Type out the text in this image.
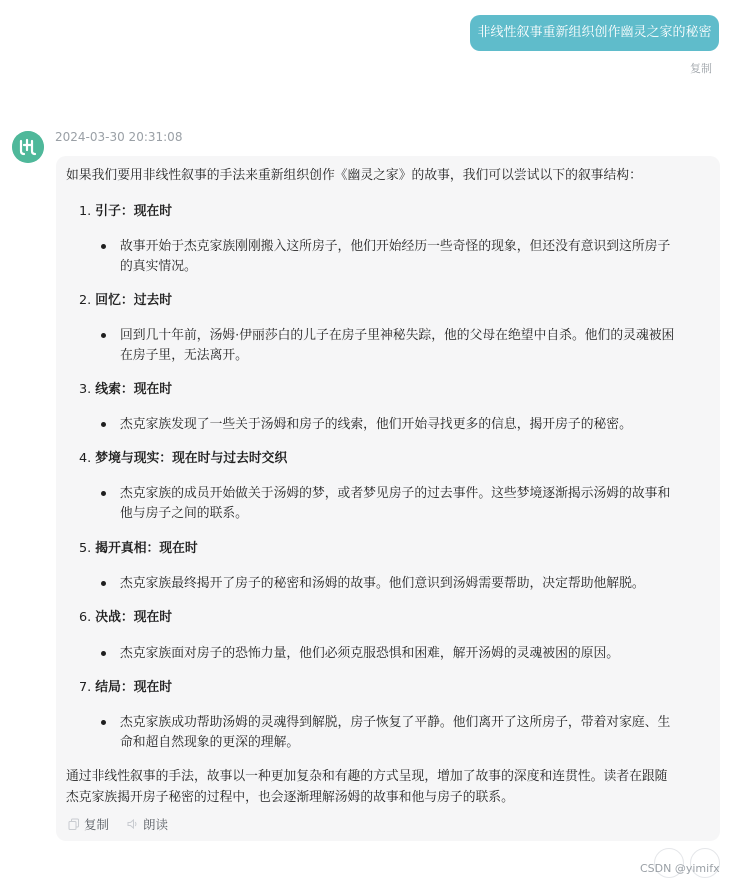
非线性叙事重新组织创作幽灵之家的秘密
复制
2024-03-30 20:31:08
如果我们要用非线性叙事的手法来重新组织创作《幽灵之家》的故事，我们可以尝试以下的叙事结构：
1. 引子：现在时
故事开始于杰克家族刚刚搬入这所房子，他们开始经历一些奇怪的现象，但还没有意识到这所房子
的真实情况。
2. 回忆：过去时
回到几十年前，汤姆·伊丽莎白的儿子在房子里神秘失踪，他的父母在绝望中自杀。他们的灵魂被困
在房子里，无法离开。
3. 线索：现在时
杰克家族发现了一些关于汤姆和房子的线索，他们开始寻找更多的信息，揭开房子的秘密。
4. 梦境与现实：现在时与过去时交织
杰克家族的成员开始做关于汤姆的梦，或者梦见房子的过去事件。这些梦境逐渐揭示汤姆的故事和
他与房子之间的联系。
5. 揭开真相：现在时
杰克家族最终揭开了房子的秘密和汤姆的故事。他们意识到汤姆需要帮助，决定帮助他解脱。
6. 决战：现在时
杰克家族面对房子的恐怖力量，他们必须克服恐惧和困难，解开汤姆的灵魂被困的原因。
7. 结局：现在时
杰克家族成功帮助汤姆的灵魂得到解脱，房子恢复了平静。他们离开了这所房子，带着对家庭、生
命和超自然现象的更深的理解。
通过非线性叙事的手法，故事以一种更加复杂和有趣的方式呈现，增加了故事的深度和连贯性。读者在跟随
杰克家族揭开房子秘密的过程中，也会逐渐理解汤姆的故事和他与房子的联系。
复制	朗读
CSDN @yimifx
